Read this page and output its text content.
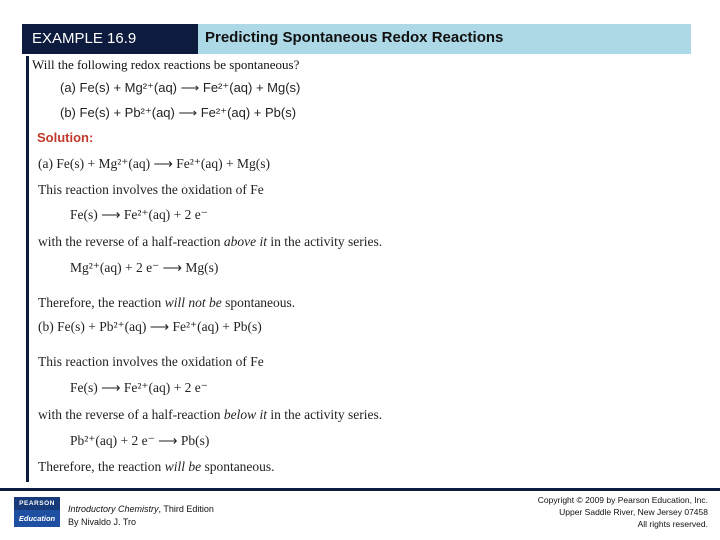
EXAMPLE 16.9	Predicting Spontaneous Redox Reactions
Will the following redox reactions be spontaneous?
(a) Fe(s) + Mg²⁺(aq) ⟶ Fe²⁺(aq) + Mg(s)
(b) Fe(s) + Pb²⁺(aq) ⟶ Fe²⁺(aq) + Pb(s)
Solution:
(a) Fe(s) + Mg²⁺(aq) ⟶ Fe²⁺(aq) + Mg(s)
This reaction involves the oxidation of Fe
Fe(s) ⟶ Fe²⁺(aq) + 2 e⁻
with the reverse of a half-reaction above it in the activity series.
Mg²⁺(aq) + 2 e⁻ ⟶ Mg(s)
Therefore, the reaction will not be spontaneous.
(b) Fe(s) + Pb²⁺(aq) ⟶ Fe²⁺(aq) + Pb(s)
This reaction involves the oxidation of Fe
Fe(s) ⟶ Fe²⁺(aq) + 2 e⁻
with the reverse of a half-reaction below it in the activity series.
Pb²⁺(aq) + 2 e⁻ ⟶ Pb(s)
Therefore, the reaction will be spontaneous.
PEARSON
Education
Introductory Chemistry, Third Edition
By Nivaldo J. Tro
Copyright © 2009 by Pearson Education, Inc.
Upper Saddle River, New Jersey 07458
All rights reserved.
